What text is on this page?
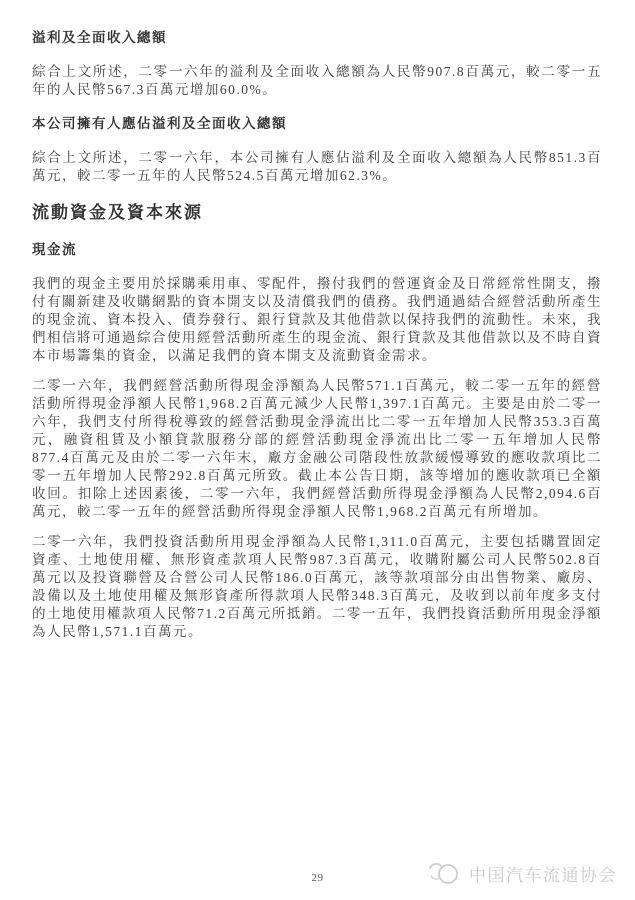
溢利及全面收入總額
綜合上文所述，二零一六年的溢利及全面收入總額為人民幣907.8百萬元，較二零一五年的人民幣567.3百萬元增加60.0%。
本公司擁有人應佔溢利及全面收入總額
綜合上文所述，二零一六年，本公司擁有人應佔溢利及全面收入總額為人民幣851.3百萬元，較二零一五年的人民幣524.5百萬元增加62.3%。
流動資金及資本來源
現金流
我們的現金主要用於採購乘用車、零配件，撥付我們的營運資金及日常經常性開支，撥付有關新建及收購網點的資本開支以及清償我們的債務。我們通過結合經營活動所產生的現金流、資本投入、債券發行、銀行貸款及其他借款以保持我們的流動性。未來，我們相信將可通過綜合使用經營活動所產生的現金流、銀行貸款及其他借款以及不時自資本市場籌集的資金，以滿足我們的資本開支及流動資金需求。
二零一六年，我們經營活動所得現金淨額為人民幣571.1百萬元，較二零一五年的經營活動所得現金淨額人民幣1,968.2百萬元減少人民幣1,397.1百萬元。主要是由於二零一六年，我們支付所得稅導致的經營活動現金淨流出比二零一五年增加人民幣353.3百萬元，融資租賃及小額貸款服務分部的經營活動現金淨流出比二零一五年增加人民幣877.4百萬元及由於二零一六年末，廠方金融公司階段性放款緩慢導致的應收款項比二零一五年增加人民幣292.8百萬元所致。截止本公告日期，該等增加的應收款項已全額收回。扣除上述因素後，二零一六年，我們經營活動所得現金淨額為人民幣2,094.6百萬元，較二零一五年的經營活動所得現金淨額人民幣1,968.2百萬元有所增加。
二零一六年，我們投資活動所用現金淨額為人民幣1,311.0百萬元，主要包括購置固定資產、土地使用權、無形資產款項人民幣987.3百萬元，收購附屬公司人民幣502.8百萬元以及投資聯營及合營公司人民幣186.0百萬元，該等款項部分由出售物業、廠房、設備以及土地使用權及無形資產所得款項人民幣348.3百萬元，及收到以前年度多支付的土地使用權款項人民幣71.2百萬元所抵銷。二零一五年，我們投資活動所用現金淨額為人民幣1,571.1百萬元。
29	中国汽车流通协会
